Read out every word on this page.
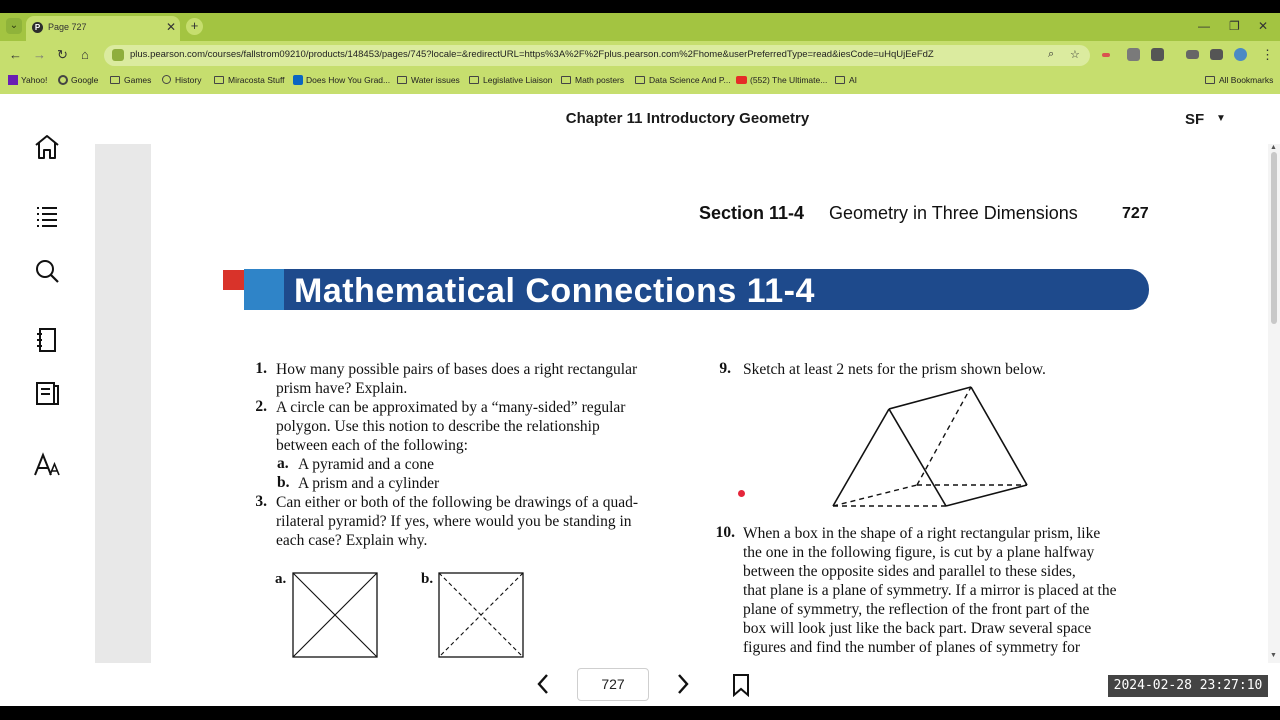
⌄	P Page 727	✕	+	— ❐ ✕
← → ↻ ⌂	plus.pearson.com/courses/fallstrom09210/products/148453/pages/745?locale=&redirectURL=https%3A%2F%2Fplus.pearson.com%2Fhome&userPreferredType=read&iesCode=uHqUjEeFdZ	⌕ ☆	⋮
Yahoo!	Google	Games	History	Miracosta Stuff	Does How You Grad...	Water issues	Legislative Liaison	Math posters	Data Science And P...	(552) The Ultimate...	AI	All Bookmarks
Chapter 11 Introductory Geometry	SF ▼
Section 11-4 Geometry in Three Dimensions	727
Mathematical Connections 11-4
1. How many possible pairs of bases does a right rectangular
prism have? Explain.
2. A circle can be approximated by a “many-sided” regular
polygon. Use this notion to describe the relationship
between each of the following:
a. A pyramid and a cone
b. A prism and a cylinder
3. Can either or both of the following be drawings of a quad-
rilateral pyramid? If yes, where would you be standing in
each case? Explain why.
a.	b.
9. Sketch at least 2 nets for the prism shown below.
10. When a box in the shape of a right rectangular prism, like
the one in the following figure, is cut by a plane halfway
between the opposite sides and parallel to these sides,
that plane is a plane of symmetry. If a mirror is placed at the
plane of symmetry, the reflection of the front part of the
box will look just like the back part. Draw several space
figures and find the number of planes of symmetry for
▲
▼
727	2024-02-28 23:27:10
